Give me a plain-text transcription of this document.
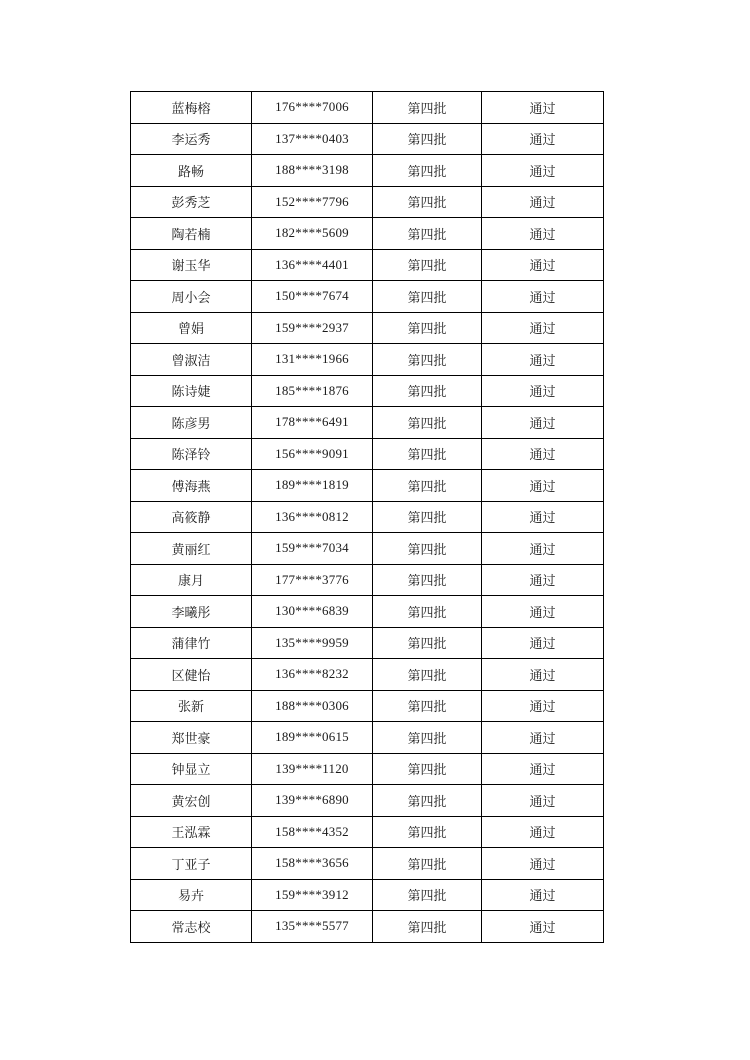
蓝梅榕	176****7006	第四批	通过
李运秀	137****0403	第四批	通过
路畅	188****3198	第四批	通过
彭秀芝	152****7796	第四批	通过
陶若楠	182****5609	第四批	通过
谢玉华	136****4401	第四批	通过
周小会	150****7674	第四批	通过
曾娟	159****2937	第四批	通过
曾淑洁	131****1966	第四批	通过
陈诗婕	185****1876	第四批	通过
陈彦男	178****6491	第四批	通过
陈泽铃	156****9091	第四批	通过
傅海燕	189****1819	第四批	通过
高筱静	136****0812	第四批	通过
黄丽红	159****7034	第四批	通过
康月	177****3776	第四批	通过
李曦彤	130****6839	第四批	通过
蒲律竹	135****9959	第四批	通过
区健怡	136****8232	第四批	通过
张新	188****0306	第四批	通过
郑世豪	189****0615	第四批	通过
钟显立	139****1120	第四批	通过
黄宏创	139****6890	第四批	通过
王泓霖	158****4352	第四批	通过
丁亚子	158****3656	第四批	通过
易卉	159****3912	第四批	通过
常志校	135****5577	第四批	通过
